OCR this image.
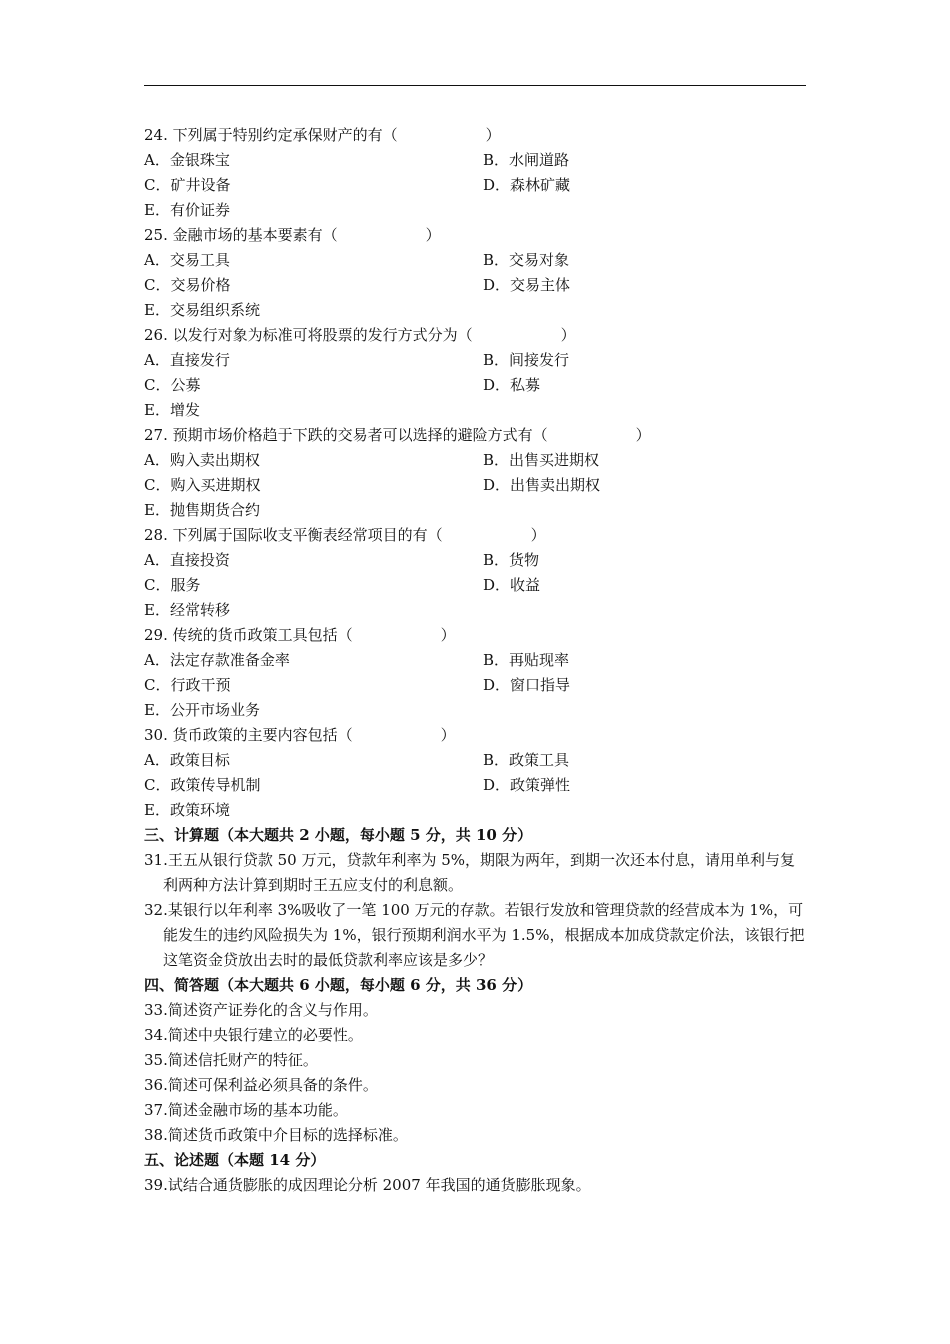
24. 下列属于特别约定承保财产的有（	）
A．金银珠宝	B．水闸道路
C．矿井设备	D．森林矿藏
E．有价证券
25. 金融市场的基本要素有（	）
A．交易工具	B．交易对象
C．交易价格	D．交易主体
E．交易组织系统
26. 以发行对象为标准可将股票的发行方式分为（	）
A．直接发行	B．间接发行
C．公募	D．私募
E．增发
27. 预期市场价格趋于下跌的交易者可以选择的避险方式有（	）
A．购入卖出期权	B．出售买进期权
C．购入买进期权	D．出售卖出期权
E．抛售期货合约
28. 下列属于国际收支平衡表经常项目的有（	）
A．直接投资	B．货物
C．服务	D．收益
E．经常转移
29. 传统的货币政策工具包括（	）
A．法定存款准备金率	B．再贴现率
C．行政干预	D．窗口指导
E．公开市场业务
30. 货币政策的主要内容包括（	）
A．政策目标	B．政策工具
C．政策传导机制	D．政策弹性
E．政策环境
三、计算题（本大题共 2 小题，每小题 5 分，共 10 分）
31.王五从银行贷款 50 万元，贷款年利率为 5%，期限为两年，到期一次还本付息，请用单利与复利两种方法计算到期时王五应支付的利息额。
32.某银行以年利率 3%吸收了一笔 100 万元的存款。若银行发放和管理贷款的经营成本为 1%，可能发生的违约风险损失为 1%，银行预期利润水平为 1.5%，根据成本加成贷款定价法，该银行把这笔资金贷放出去时的最低贷款利率应该是多少？
四、简答题（本大题共 6 小题，每小题 6 分，共 36 分）
33.简述资产证券化的含义与作用。
34.简述中央银行建立的必要性。
35.简述信托财产的特征。
36.简述可保利益必须具备的条件。
37.简述金融市场的基本功能。
38.简述货币政策中介目标的选择标准。
五、论述题（本题 14 分）
39.试结合通货膨胀的成因理论分析 2007 年我国的通货膨胀现象。
